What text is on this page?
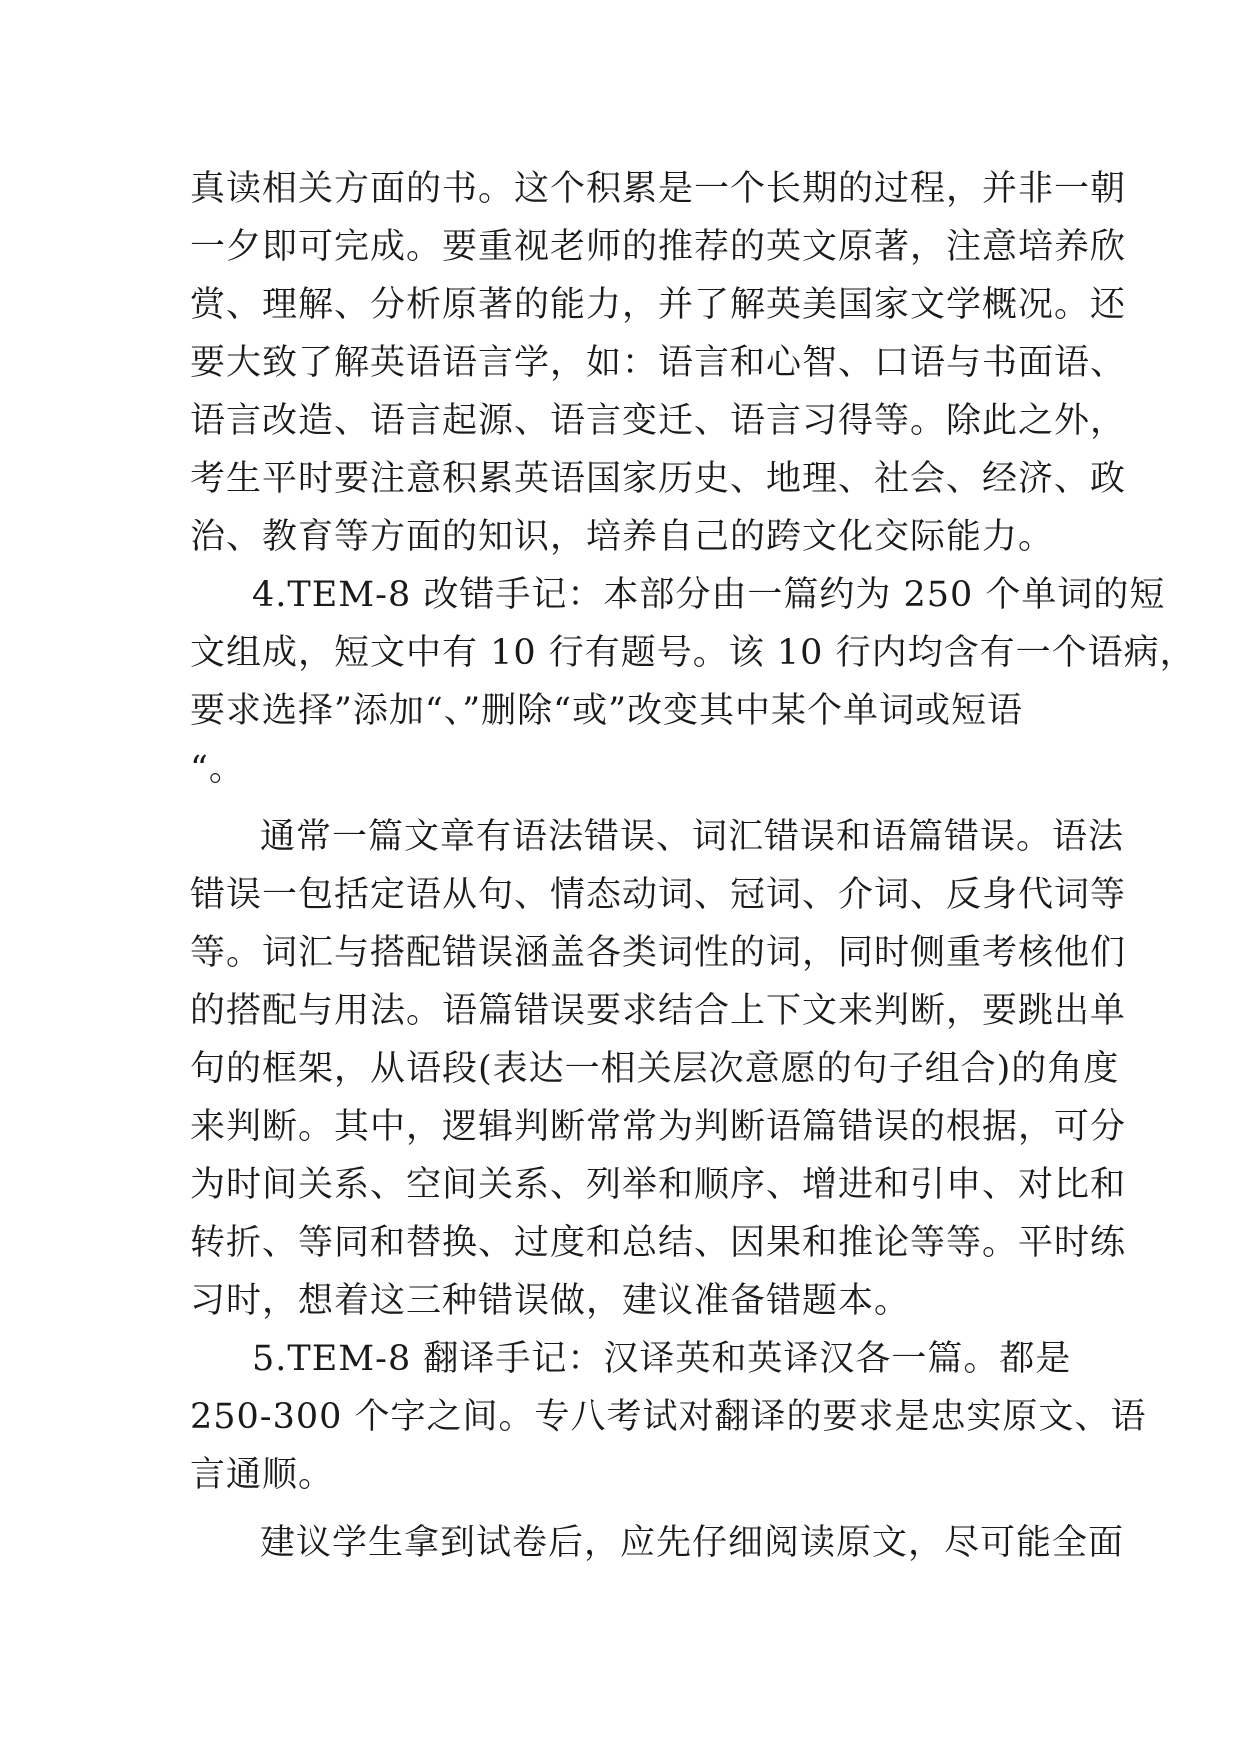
真读相关方面的书。这个积累是一个长期的过程，并非一朝
一夕即可完成。要重视老师的推荐的英文原著，注意培养欣
赏、理解、分析原著的能力，并了解英美国家文学概况。还
要大致了解英语语言学，如：语言和心智、口语与书面语、
语言改造、语言起源、语言变迁、语言习得等。除此之外，
考生平时要注意积累英语国家历史、地理、社会、经济、政
治、教育等方面的知识，培养自己的跨文化交际能力。
4.TEM-8 改错手记：本部分由一篇约为 250 个单词的短
文组成，短文中有 10 行有题号。该 10 行内均含有一个语病，
要求选择”添加“、”删除“或”改变其中某个单词或短语
“。
通常一篇文章有语法错误、词汇错误和语篇错误。语法
错误一包括定语从句、情态动词、冠词、介词、反身代词等
等。词汇与搭配错误涵盖各类词性的词，同时侧重考核他们
的搭配与用法。语篇错误要求结合上下文来判断，要跳出单
句的框架，从语段(表达一相关层次意愿的句子组合)的角度
来判断。其中，逻辑判断常常为判断语篇错误的根据，可分
为时间关系、空间关系、列举和顺序、增进和引申、对比和
转折、等同和替换、过度和总结、因果和推论等等。平时练
习时，想着这三种错误做，建议准备错题本。
5.TEM-8 翻译手记：汉译英和英译汉各一篇。都是
250-300 个字之间。专八考试对翻译的要求是忠实原文、语
言通顺。
建议学生拿到试卷后，应先仔细阅读原文，尽可能全面
